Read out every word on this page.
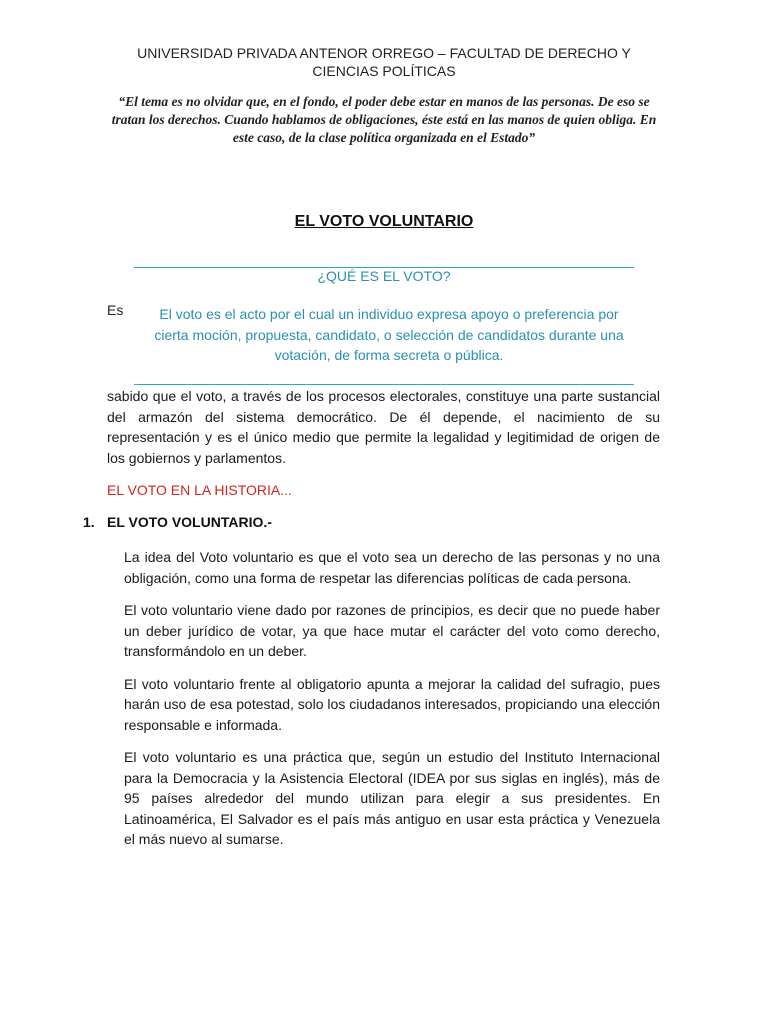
UNIVERSIDAD PRIVADA ANTENOR ORREGO – FACULTAD DE DERECHO Y
CIENCIAS POLÍTICAS
“El tema es no olvidar que, en el fondo, el poder debe estar en manos de las personas. De eso se tratan los derechos. Cuando hablamos de obligaciones, éste está en las manos de quien obliga. En este caso, de la clase política organizada en el Estado”
EL VOTO VOLUNTARIO
¿QUÉ ES EL VOTO?
Es	El voto es el acto por el cual un individuo expresa apoyo o preferencia por cierta moción, propuesta, candidato, o selección de candidatos durante una votación, de forma secreta o pública.
sabido que el voto, a través de los procesos electorales, constituye una parte sustancial del armazón del sistema democrático. De él depende, el nacimiento de su representación y es el único medio que permite la legalidad y legitimidad de origen de los gobiernos y parlamentos.
EL VOTO EN LA HISTORIA...
1. EL VOTO VOLUNTARIO.-

La idea del Voto voluntario es que el voto sea un derecho de las personas y no una obligación, como una forma de respetar las diferencias políticas de cada persona.

El voto voluntario viene dado por razones de principios, es decir que no puede haber un deber jurídico de votar, ya que hace mutar el carácter del voto como derecho, transformándolo en un deber.

El voto voluntario frente al obligatorio apunta a mejorar la calidad del sufragio, pues harán uso de esa potestad, solo los ciudadanos interesados, propiciando una elección responsable e informada.

El voto voluntario es una práctica que, según un estudio del Instituto Internacional para la Democracia y la Asistencia Electoral (IDEA por sus siglas en inglés), más de 95 países alrededor del mundo utilizan para elegir a sus presidentes. En Latinoamérica, El Salvador es el país más antiguo en usar esta práctica y Venezuela el más nuevo al sumarse.
